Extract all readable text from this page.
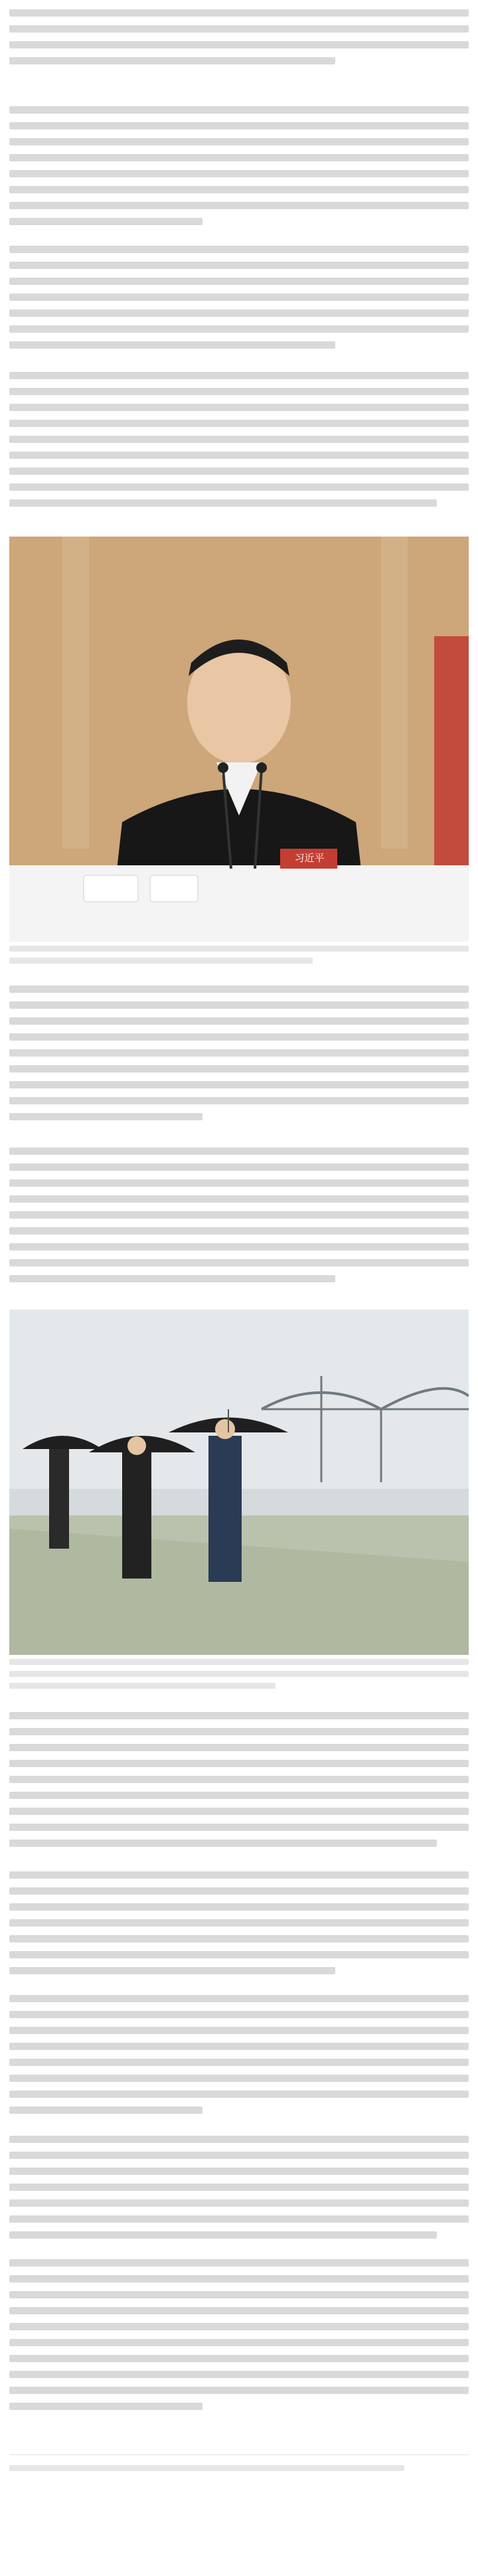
习近平
